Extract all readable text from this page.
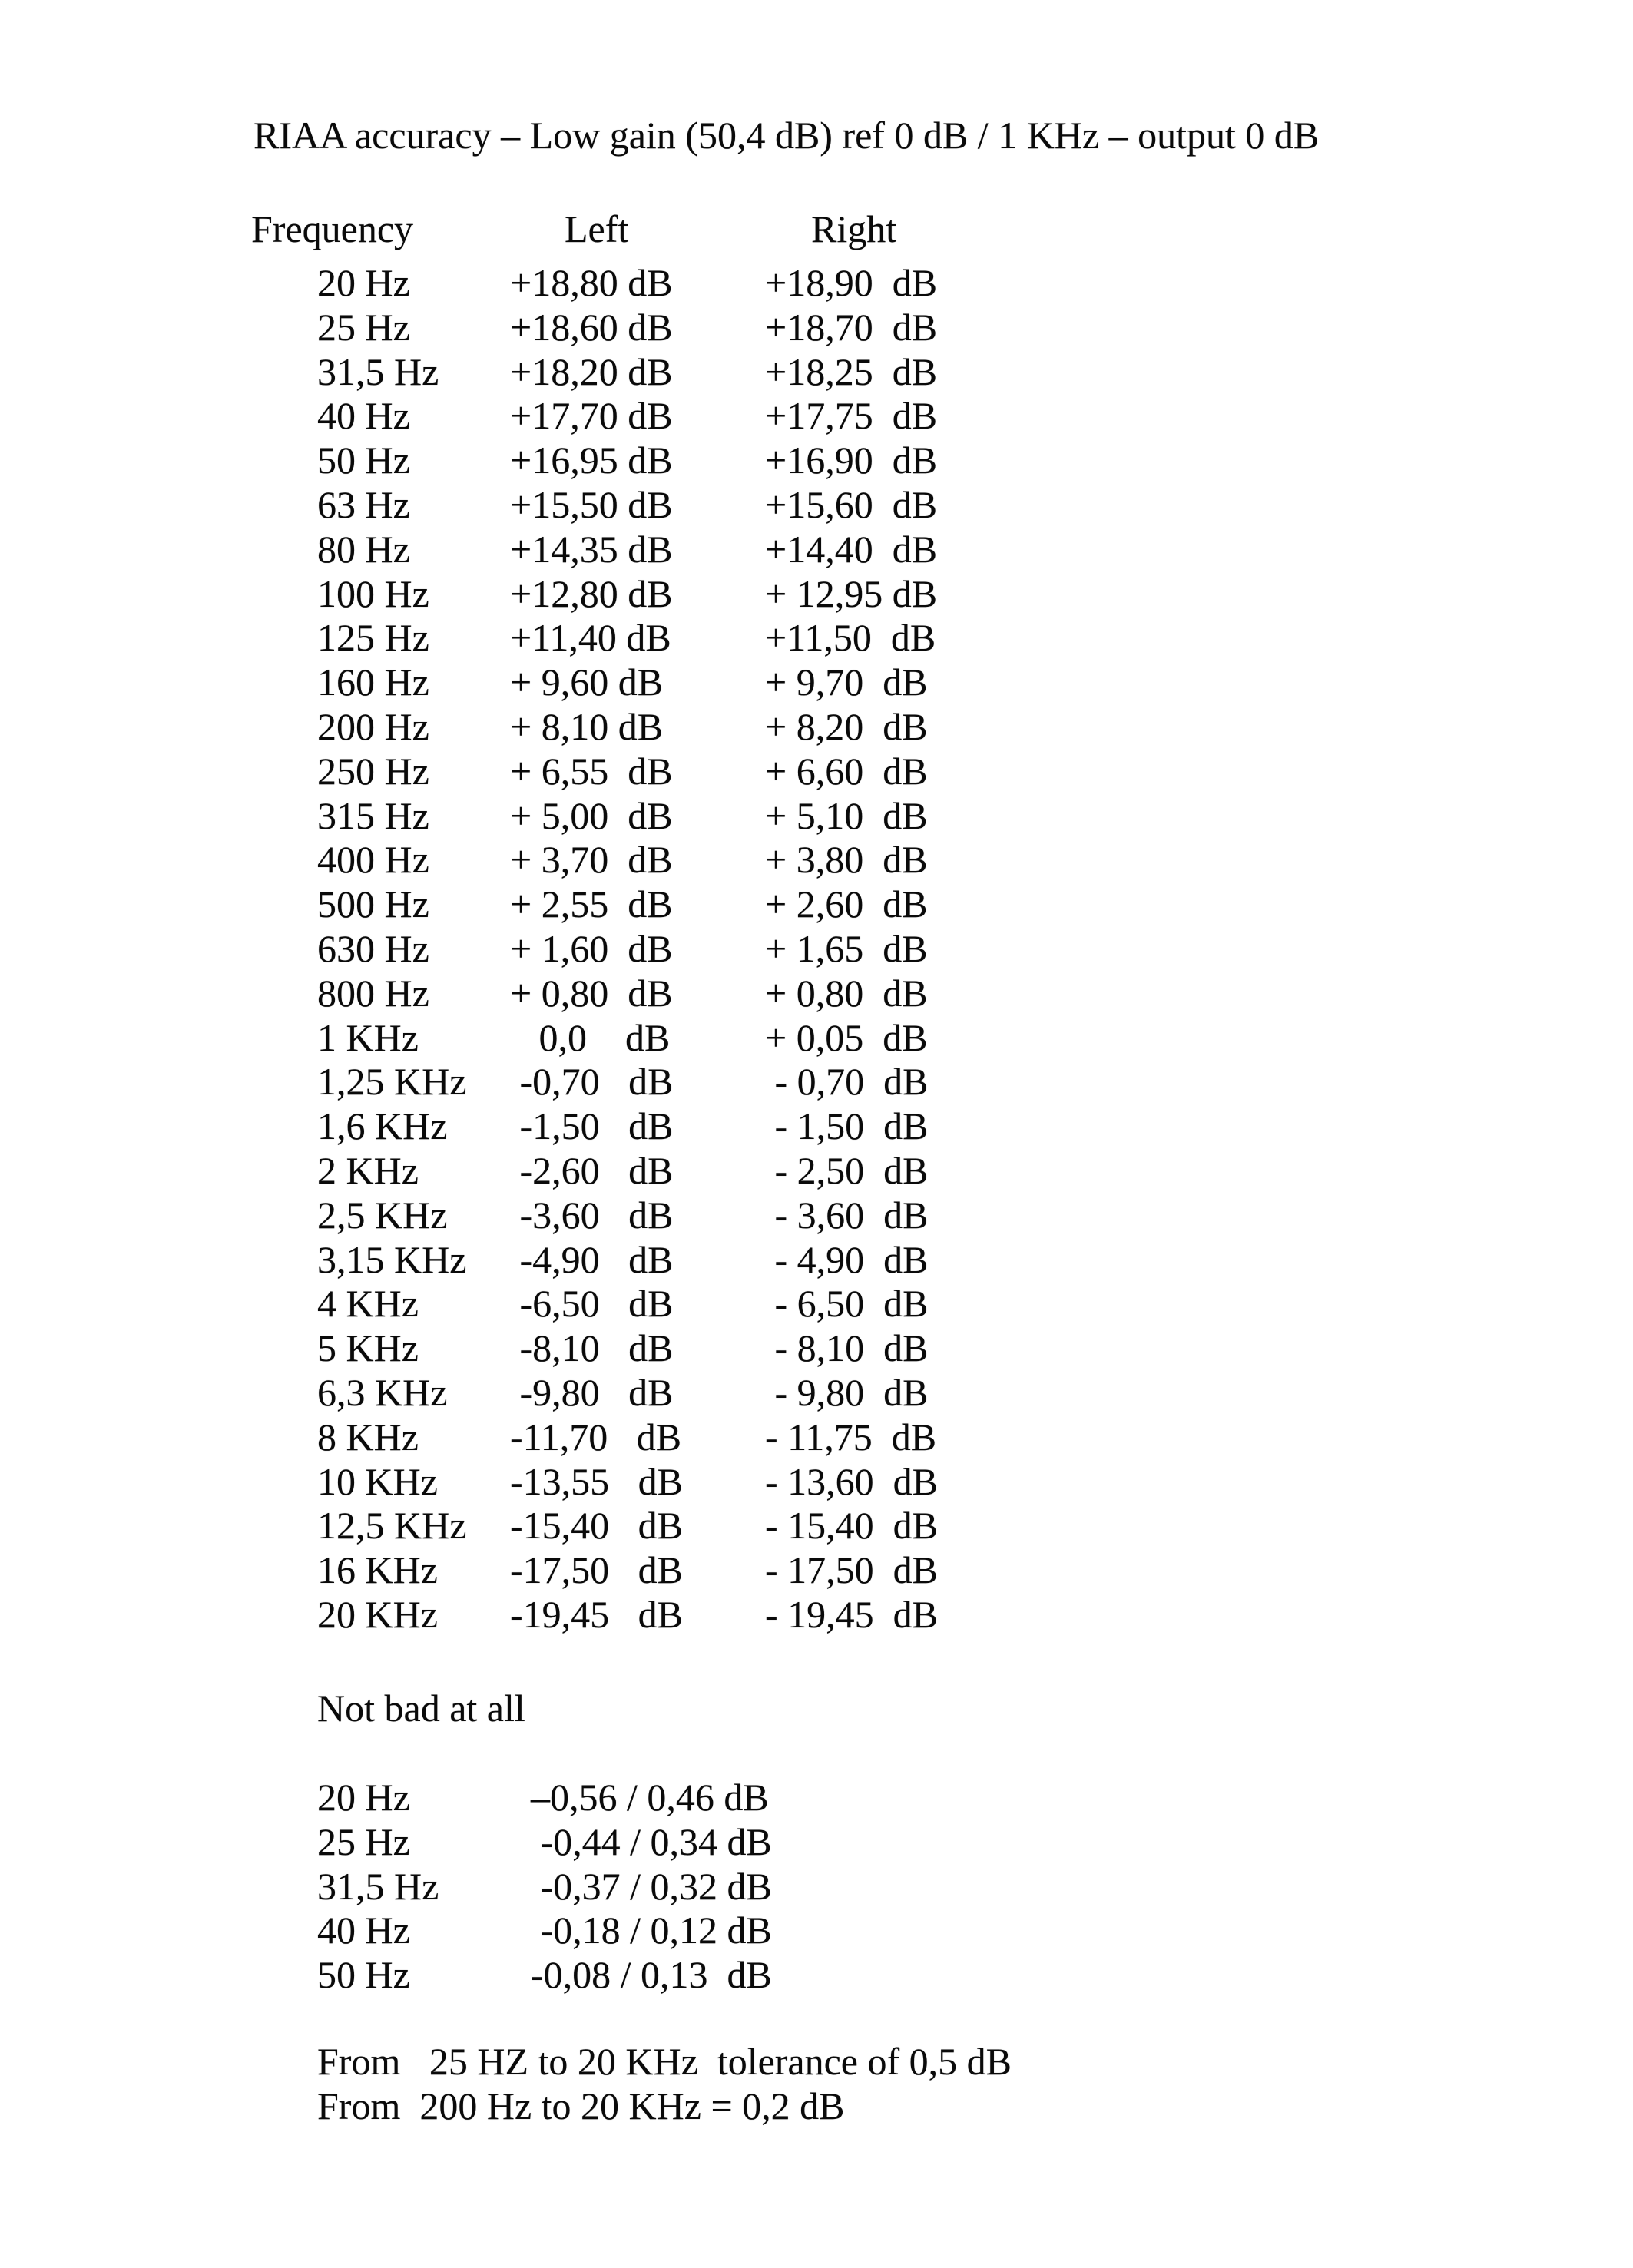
RIAA accuracy – Low gain (50,4 dB) ref 0 dB / 1 KHz – output 0 dB
Frequency	Left	Right
20 Hz	+18,80 dB +18,90  dB
25 Hz	+18,60 dB +18,70  dB
31,5 Hz +18,20 dB +18,25  dB
40 Hz	+17,70 dB +17,75  dB
50 Hz	+16,95 dB +16,90  dB
63 Hz	+15,50 dB +15,60  dB
80 Hz	+14,35 dB +14,40  dB
100 Hz +12,80 dB + 12,95 dB
125 Hz +11,40 dB +11,50  dB
160 Hz + 9,60 dB	+ 9,70  dB
200 Hz + 8,10 dB	+ 8,20  dB
250 Hz + 6,55  dB + 6,60  dB
315 Hz + 5,00  dB + 5,10  dB
400 Hz + 3,70  dB + 3,80  dB
500 Hz + 2,55  dB + 2,60  dB
630 Hz + 1,60  dB + 1,65  dB
800 Hz + 0,80  dB + 0,80  dB
1 KHz 0,0    dB + 0,05  dB
1,25 KHz -0,70   dB - 0,70  dB
1,6 KHz -1,50   dB - 1,50  dB
2 KHz -2,60   dB - 2,50  dB
2,5 KHz -3,60   dB - 3,60  dB
3,15 KHz -4,90   dB - 4,90  dB
4 KHz -6,50   dB - 6,50  dB
5 KHz -8,10   dB - 8,10  dB
6,3 KHz -9,80   dB - 9,80  dB
8 KHz -11,70   dB - 11,75  dB
10 KHz -13,55   dB - 13,60  dB
12,5 KHz -15,40   dB - 15,40  dB
16 KHz -17,50   dB - 17,50  dB
20 KHz -19,45   dB - 19,45  dB
Not bad at all
20 Hz	–0,56 / 0,46 dB
25 Hz	-0,44 / 0,34 dB
31,5 Hz -0,37 / 0,32 dB
40 Hz	-0,18 / 0,12 dB
50 Hz	-0,08 / 0,13  dB
From   25 HZ to 20 KHz  tolerance of 0,5 dB
From  200 Hz to 20 KHz = 0,2 dB
